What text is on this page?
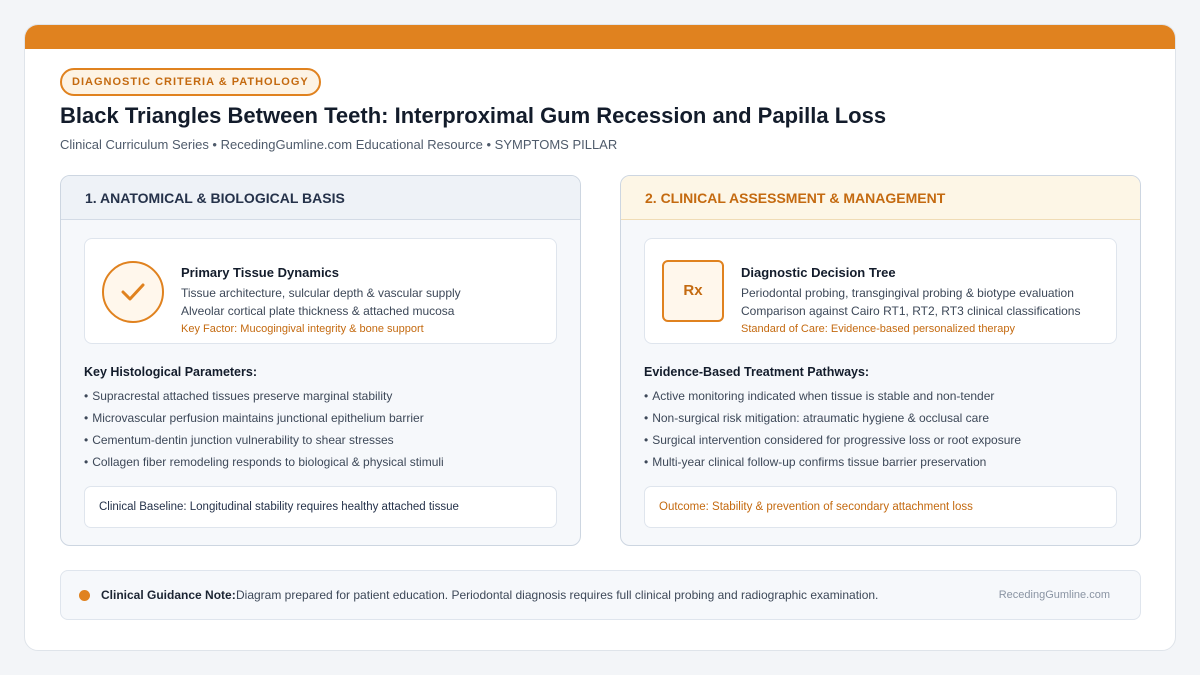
DIAGNOSTIC CRITERIA & PATHOLOGY
Black Triangles Between Teeth: Interproximal Gum Recession and Papilla Loss
Clinical Curriculum Series • RecedingGumline.com Educational Resource • SYMPTOMS PILLAR
1. ANATOMICAL & BIOLOGICAL BASIS
Primary Tissue Dynamics
Tissue architecture, sulcular depth & vascular supply
Alveolar cortical plate thickness & attached mucosa
Key Factor: Mucogingival integrity & bone support
Key Histological Parameters:
• Supracrestal attached tissues preserve marginal stability
• Microvascular perfusion maintains junctional epithelium barrier
• Cementum-dentin junction vulnerability to shear stresses
• Collagen fiber remodeling responds to biological & physical stimuli
Clinical Baseline: Longitudinal stability requires healthy attached tissue
2. CLINICAL ASSESSMENT & MANAGEMENT
Rx
Diagnostic Decision Tree
Periodontal probing, transgingival probing & biotype evaluation
Comparison against Cairo RT1, RT2, RT3 clinical classifications
Standard of Care: Evidence-based personalized therapy
Evidence-Based Treatment Pathways:
• Active monitoring indicated when tissue is stable and non-tender
• Non-surgical risk mitigation: atraumatic hygiene & occlusal care
• Surgical intervention considered for progressive loss or root exposure
• Multi-year clinical follow-up confirms tissue barrier preservation
Outcome: Stability & prevention of secondary attachment loss
Clinical Guidance Note: Diagram prepared for patient education. Periodontal diagnosis requires full clinical probing and radiographic examination.	RecedingGumline.com
